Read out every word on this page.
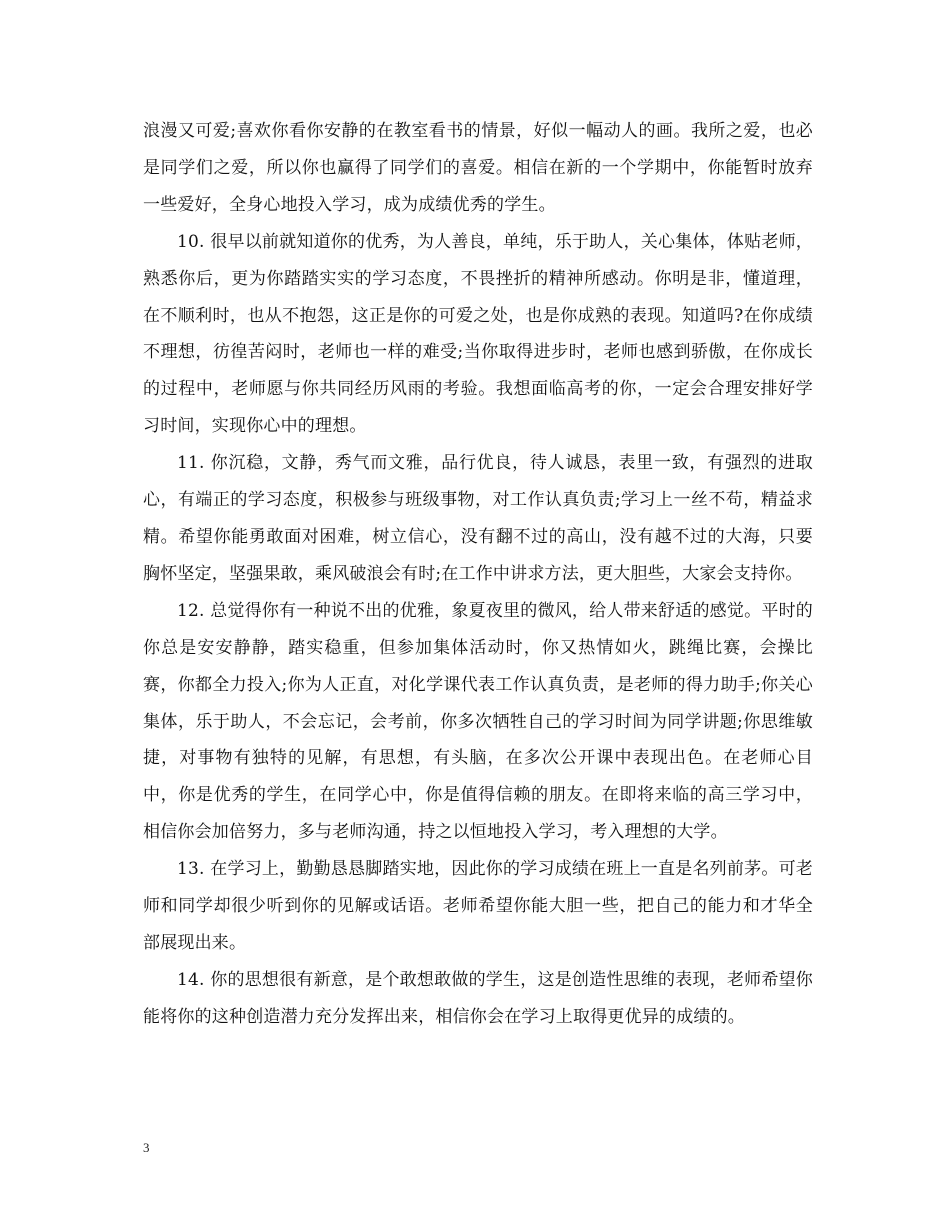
浪漫又可爱;喜欢你看你安静的在教室看书的情景，好似一幅动人的画。我所之爱，也必是同学们之爱，所以你也赢得了同学们的喜爱。相信在新的一个学期中，你能暂时放弃一些爱好，全身心地投入学习，成为成绩优秀的学生。

10. 很早以前就知道你的优秀，为人善良，单纯，乐于助人，关心集体，体贴老师，熟悉你后，更为你踏踏实实的学习态度，不畏挫折的精神所感动。你明是非，懂道理，在不顺利时，也从不抱怨，这正是你的可爱之处，也是你成熟的表现。知道吗?在你成绩不理想，彷徨苦闷时，老师也一样的难受;当你取得进步时，老师也感到骄傲，在你成长的过程中，老师愿与你共同经历风雨的考验。我想面临高考的你，一定会合理安排好学习时间，实现你心中的理想。

11. 你沉稳，文静，秀气而文雅，品行优良，待人诚恳，表里一致，有强烈的进取心，有端正的学习态度，积极参与班级事物，对工作认真负责;学习上一丝不苟，精益求精。希望你能勇敢面对困难，树立信心，没有翻不过的高山，没有越不过的大海，只要胸怀坚定，坚强果敢，乘风破浪会有时;在工作中讲求方法，更大胆些，大家会支持你。

12. 总觉得你有一种说不出的优雅，象夏夜里的微风，给人带来舒适的感觉。平时的你总是安安静静，踏实稳重，但参加集体活动时，你又热情如火，跳绳比赛，会操比赛，你都全力投入;你为人正直，对化学课代表工作认真负责，是老师的得力助手;你关心集体，乐于助人，不会忘记，会考前，你多次牺牲自己的学习时间为同学讲题;你思维敏捷，对事物有独特的见解，有思想，有头脑，在多次公开课中表现出色。在老师心目中，你是优秀的学生，在同学心中，你是值得信赖的朋友。在即将来临的高三学习中，相信你会加倍努力，多与老师沟通，持之以恒地投入学习，考入理想的大学。

13. 在学习上，勤勤恳恳脚踏实地，因此你的学习成绩在班上一直是名列前茅。可老师和同学却很少听到你的见解或话语。老师希望你能大胆一些，把自己的能力和才华全部展现出来。

14. 你的思想很有新意，是个敢想敢做的学生，这是创造性思维的表现，老师希望你能将你的这种创造潜力充分发挥出来，相信你会在学习上取得更优异的成绩的。

3
